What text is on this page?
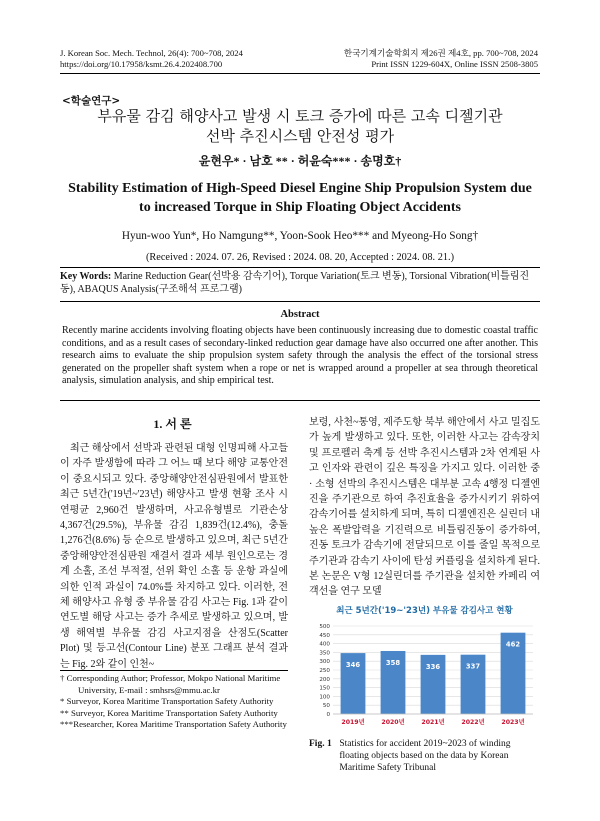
J. Korean Soc. Mech. Technol, 26(4): 700~708, 2024
https://doi.org/10.17958/ksmt.26.4.202408.700
한국기계기술학회지 제26권 제4호, pp. 700~708, 2024
Print ISSN 1229-604X, Online ISSN 2508-3805
<학술연구>
부유물 감김 해양사고 발생 시 토크 증가에 따른 고속 디젤기관
선박 추진시스템 안전성 평가
윤현우* · 남호 ** · 허윤숙*** · 송명호†
Stability Estimation of High-Speed Diesel Engine Ship Propulsion System due
to increased Torque in Ship Floating Object Accidents
Hyun-woo Yun*, Ho Namgung**, Yoon-Sook Heo*** and Myeong-Ho Song†
(Received : 2024. 07. 26, Revised : 2024. 08. 20, Accepted : 2024. 08. 21.)
Key Words: Marine Reduction Gear(선박용 감속기어), Torque Variation(토크 변동), Torsional Vibration(비틀림진동), ABAQUS Analysis(구조해석 프로그램)
Abstract
Recently marine accidents involving floating objects have been continuously increasing due to domestic coastal traffic conditions, and as a result cases of secondary-linked reduction gear damage have also occurred one after another. This research aims to evaluate the ship propulsion system safety through the analysis the effect of the torsional stress generated on the propeller shaft system when a rope or net is wrapped around a propeller at sea through theoretical analysis, simulation analysis, and ship empirical test.
1. 서 론

최근 해상에서 선박과 관련된 대형 인명피해 사고들이 자주 발생함에 따라 그 어느 때 보다 해양 교통안전이 중요시되고 있다. 중앙해양안전심판원에서 발표한 최근 5년간('19년~'23년) 해양사고 발생 현황 조사 시 연평균 2,960건 발생하며, 사고유형별로 기관손상 4,367건(29.5%), 부유물 감김 1,839건(12.4%), 충돌 1,276건(8.6%) 등 순으로 발생하고 있으며, 최근 5년간 중앙해양안전심판원 재결서 결과 세부 원인으로는 경계 소홀, 조선 부적절, 선위 확인 소홀 등 운항 과실에 의한 인적 과실이 74.0%를 차지하고 있다. 이러한, 전체 해양사고 유형 중 부유물 감김 사고는 Fig. 1과 같이 연도별 해당 사고는 증가 추세로 발생하고 있으며, 발생 해역별 부유물 감김 사고지점을 산점도(Scatter Plot) 및 등고선(Contour Line) 분포 그래프 분석 결과는 Fig. 2와 같이 인천~

† Corresponding Author; Professor, Mokpo National Maritime University, E-mail : smhsrs@mmu.ac.kr
* Surveyor, Korea Maritime Transportation Safety Authority
** Surveyor, Korea Maritime Transportation Safety Authority
***Researcher, Korea Maritime Transportation Safety Authority

보령, 사천~통영, 제주도항 북부 해안에서 사고 밀집도가 높게 발생하고 있다. 또한, 이러한 사고는 감속장치 및 프로펠러 축계 등 선박 추진시스템과 2차 연계된 사고 인자와 관련이 깊은 특징을 가지고 있다. 이러한 중 · 소형 선박의 추진시스템은 대부분 고속 4행정 디젤엔진을 주기관으로 하여 추진효율을 증가시키기 위하여 감속기어를 설치하게 되며, 특히 디젤엔진은 실린더 내 높은 폭발압력을 기진력으로 비틀림진동이 증가하여, 진동 토크가 감속기에 전달되므로 이를 줄일 목적으로 주기관과 감속기 사이에 탄성 커플링을 설치하게 된다. 본 논문은 V형 12실린더를 주기관을 설치한 카페리 여객선을 연구 모델

최근 5년간('19~'23년) 부유물 감김사고 현황
0
50
100
150
200
250
300
350
400
450
500
346
2019년
358
2020년
336
2021년
337
2022년
462
2023년
Fig. 1 Statistics for accident 2019~2023 of winding floating objects based on the data by Korean Maritime Safety Tribunal
